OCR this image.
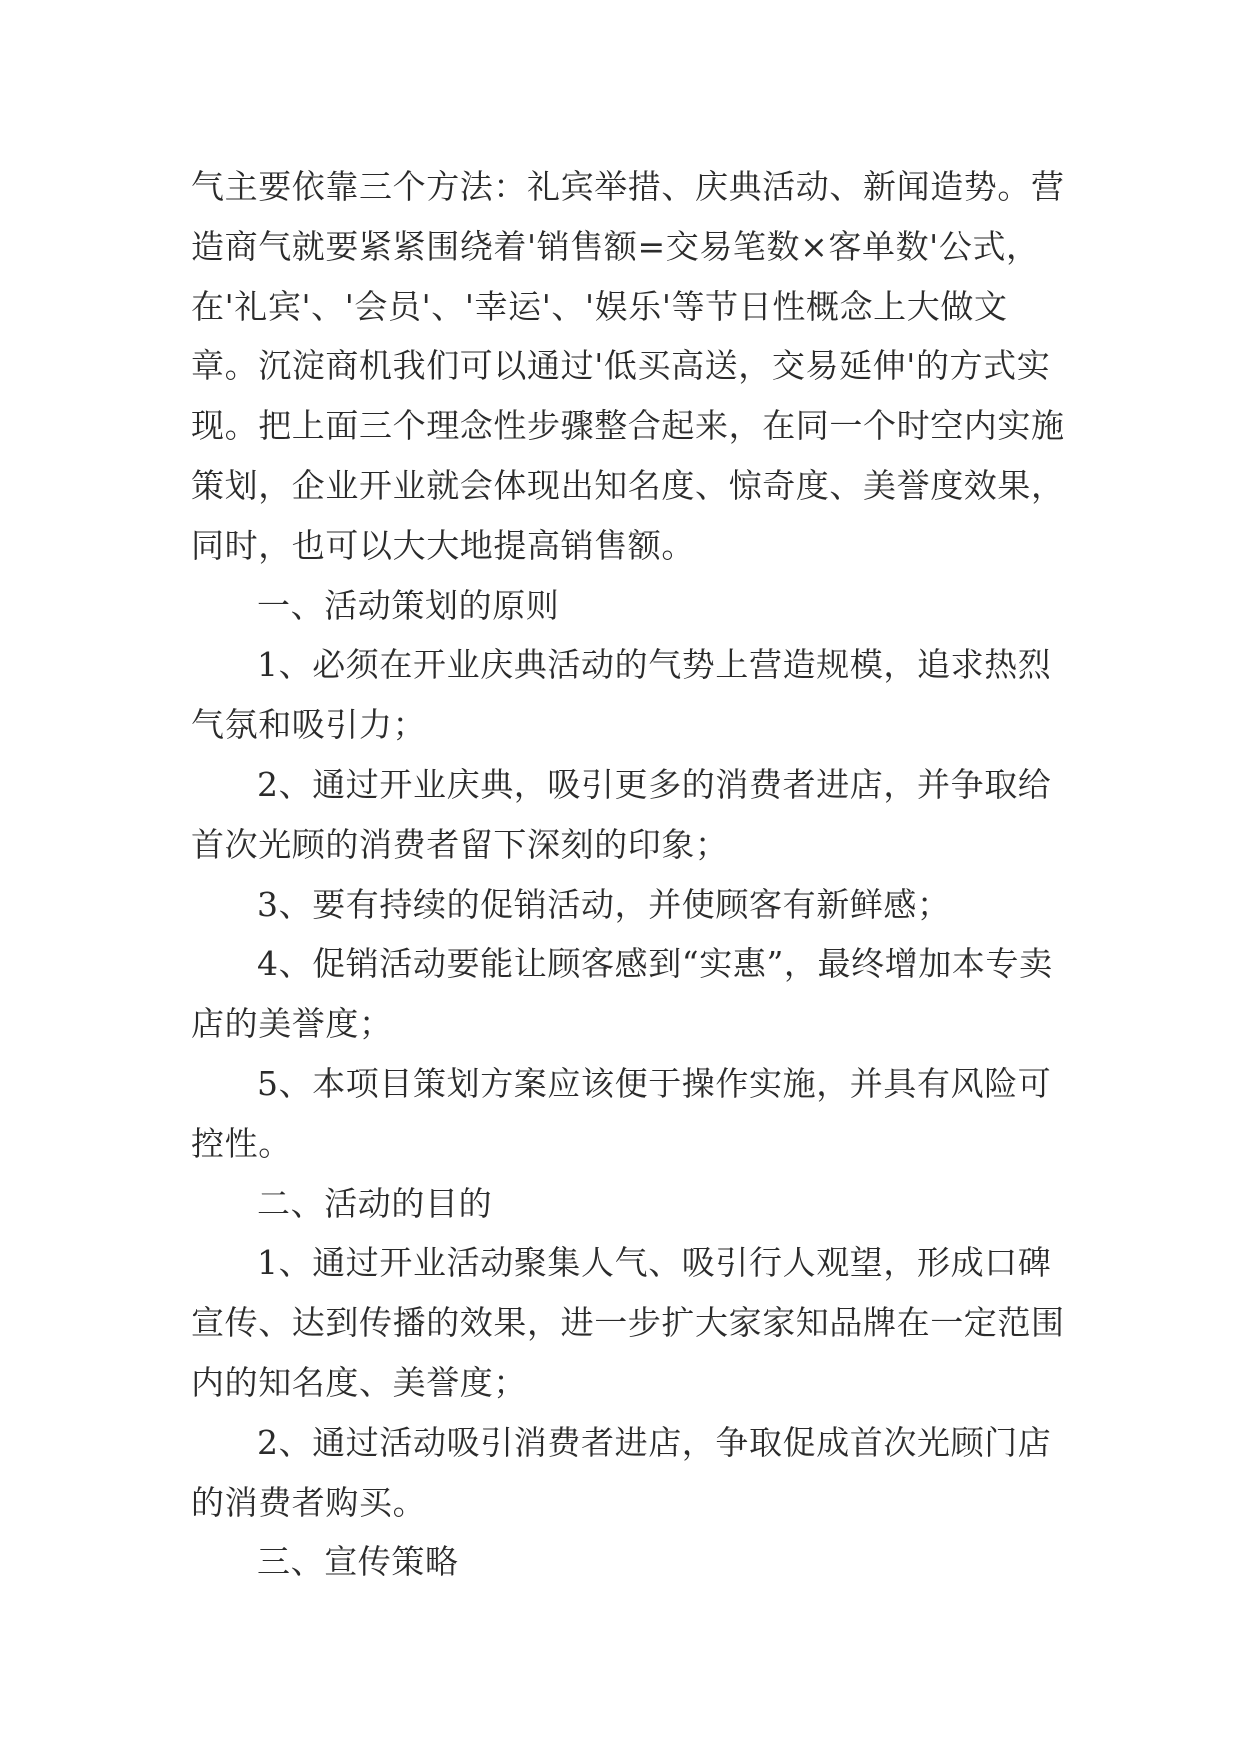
气主要依靠三个方法：礼宾举措、庆典活动、新闻造势。营
造商气就要紧紧围绕着'销售额=交易笔数×客单数'公式，
在'礼宾'、'会员'、'幸运'、'娱乐'等节日性概念上大做文
章。沉淀商机我们可以通过'低买高送，交易延伸'的方式实
现。把上面三个理念性步骤整合起来，在同一个时空内实施
策划，企业开业就会体现出知名度、惊奇度、美誉度效果，
同时，也可以大大地提高销售额。
一、活动策划的原则
1、必须在开业庆典活动的气势上营造规模，追求热烈
气氛和吸引力；
2、通过开业庆典，吸引更多的消费者进店，并争取给
首次光顾的消费者留下深刻的印象；
3、要有持续的促销活动，并使顾客有新鲜感；
4、促销活动要能让顾客感到“实惠”，最终增加本专卖
店的美誉度；
5、本项目策划方案应该便于操作实施，并具有风险可
控性。
二、活动的目的
1、通过开业活动聚集人气、吸引行人观望，形成口碑
宣传、达到传播的效果，进一步扩大家家知品牌在一定范围
内的知名度、美誉度；
2、通过活动吸引消费者进店，争取促成首次光顾门店
的消费者购买。
三、宣传策略
